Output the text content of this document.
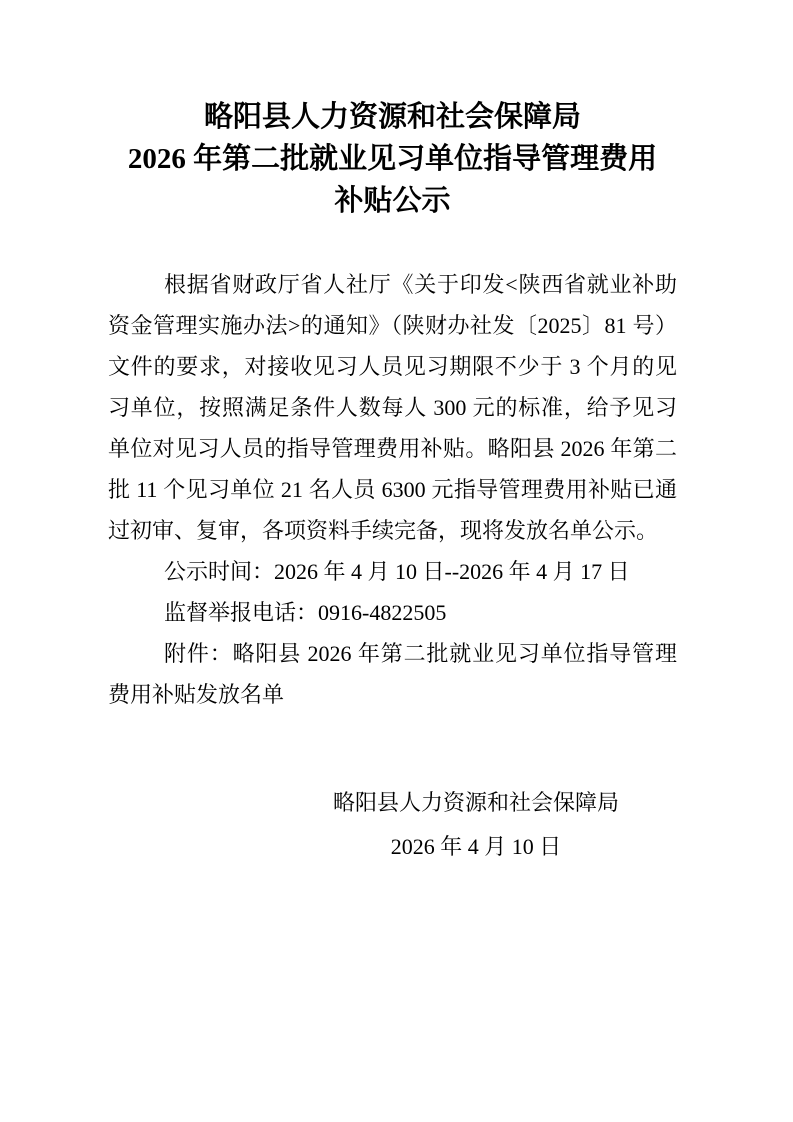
略阳县人力资源和社会保障局
2026 年第二批就业见习单位指导管理费用
补贴公示

根据省财政厅省人社厅《关于印发<陕西省就业补助资金管理实施办法>的通知》（陕财办社发〔2025〕81 号）文件的要求，对接收见习人员见习期限不少于 3 个月的见习单位，按照满足条件人数每人 300 元的标准，给予见习单位对见习人员的指导管理费用补贴。略阳县 2026 年第二批 11 个见习单位 21 名人员 6300 元指导管理费用补贴已通过初审、复审，各项资料手续完备，现将发放名单公示。

公示时间：2026 年 4 月 10 日--2026 年 4 月 17 日

监督举报电话：0916-4822505

附件：略阳县 2026 年第二批就业见习单位指导管理费用补贴发放名单

略阳县人力资源和社会保障局
2026 年 4 月 10 日
